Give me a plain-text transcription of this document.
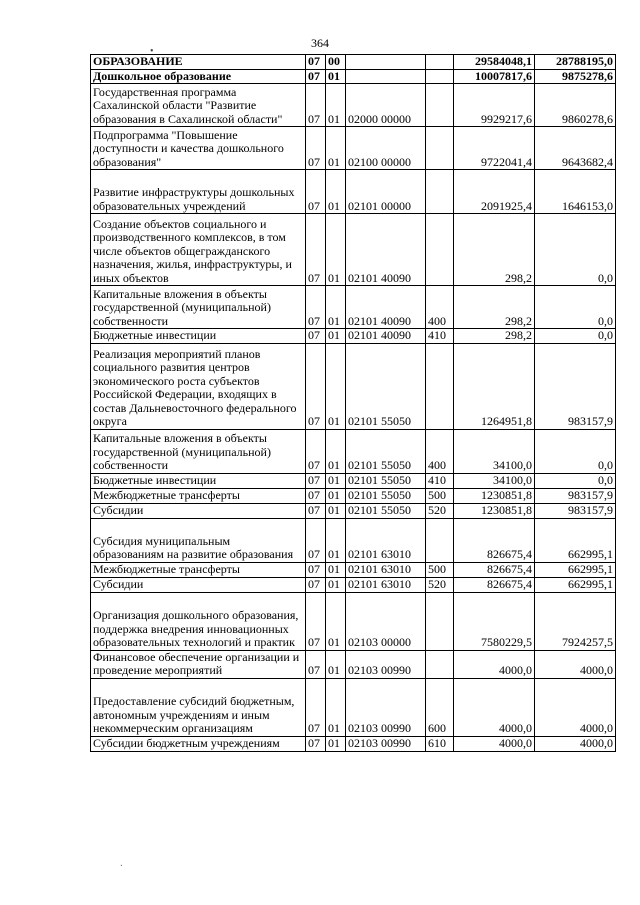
364
•
ˑ
ОБРАЗОВАНИЕ	07	00			29584048,1	28788195,0
Дошкольное образование	07	01			10007817,6	9875278,6
Государственная программа Сахалинской области "Развитие образования в Сахалинской области"	07	01	02000 00000		9929217,6	9860278,6
Подпрограмма "Повышение доступности и качества дошкольного образования"	07	01	02100 00000		9722041,4	9643682,4
Развитие инфраструктуры дошкольных образовательных учреждений	07	01	02101 00000		2091925,4	1646153,0
Создание объектов социального и производственного комплексов, в том числе объектов общегражданского назначения, жилья, инфраструктуры, и иных объектов	07	01	02101 40090		298,2	0,0
Капитальные вложения в объекты государственной (муниципальной) собственности	07	01	02101 40090	400	298,2	0,0
Бюджетные инвестиции	07	01	02101 40090	410	298,2	0,0
Реализация мероприятий планов социального развития центров экономического роста субъектов Российской Федерации, входящих в состав Дальневосточного федерального округа	07	01	02101 55050		1264951,8	983157,9
Капитальные вложения в объекты государственной (муниципальной) собственности	07	01	02101 55050	400	34100,0	0,0
Бюджетные инвестиции	07	01	02101 55050	410	34100,0	0,0
Межбюджетные трансферты	07	01	02101 55050	500	1230851,8	983157,9
Субсидии	07	01	02101 55050	520	1230851,8	983157,9
Субсидия муниципальным образованиям на развитие образования	07	01	02101 63010		826675,4	662995,1
Межбюджетные трансферты	07	01	02101 63010	500	826675,4	662995,1
Субсидии	07	01	02101 63010	520	826675,4	662995,1
Организация дошкольного образования, поддержка внедрения инновационных образовательных технологий и практик	07	01	02103 00000		7580229,5	7924257,5
Финансовое обеспечение организации и проведение мероприятий	07	01	02103 00990		4000,0	4000,0
Предоставление субсидий бюджетным, автономным учреждениям и иным некоммерческим организациям	07	01	02103 00990	600	4000,0	4000,0
Субсидии бюджетным учреждениям	07	01	02103 00990	610	4000,0	4000,0
